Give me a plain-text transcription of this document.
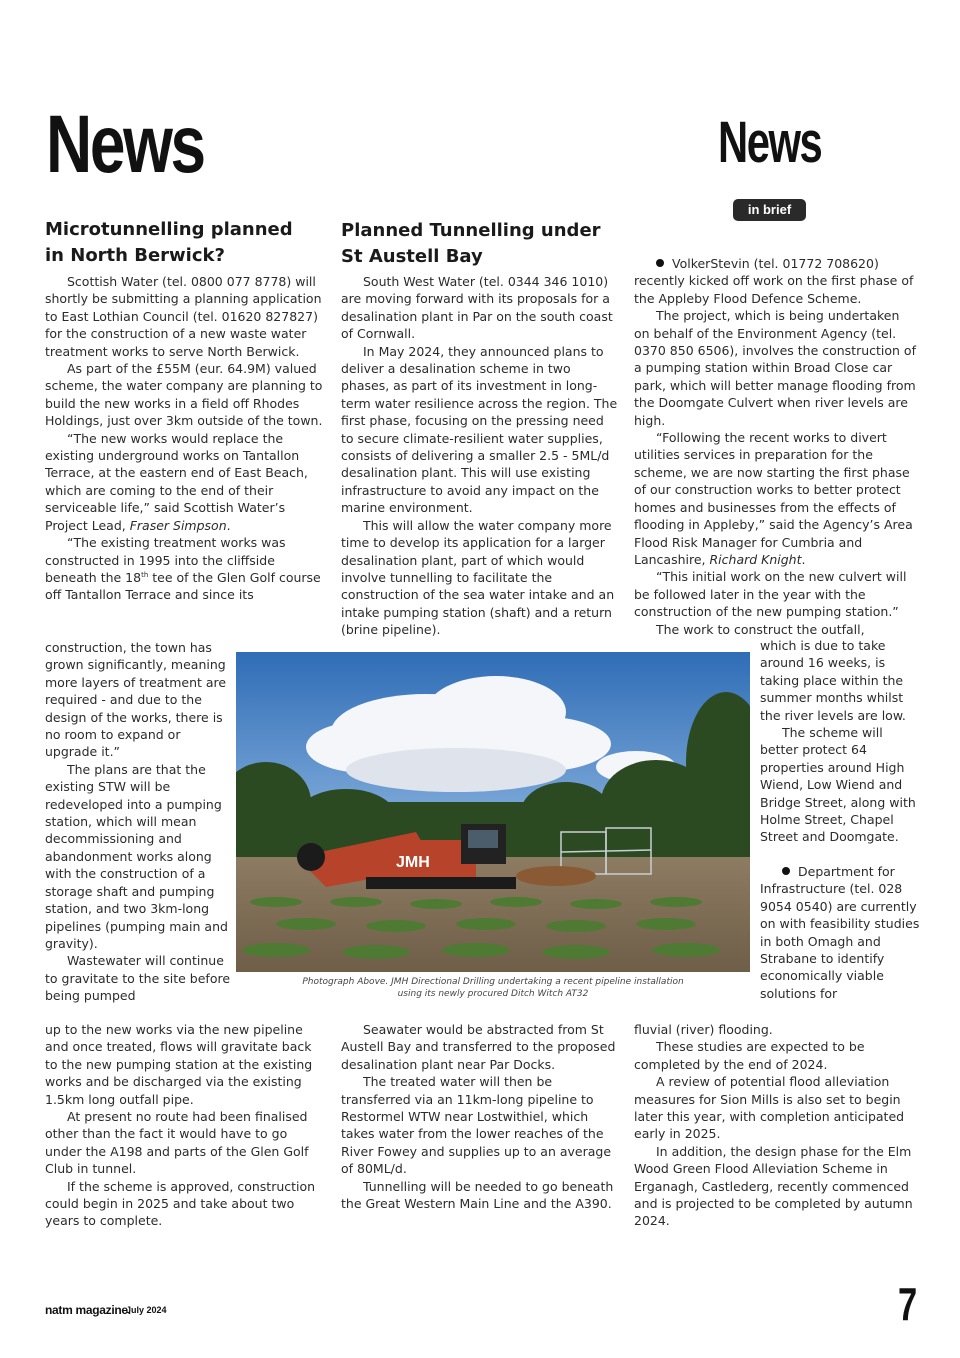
News	News
in brief
Microtunnelling planned
in North Berwick?
Planned Tunnelling under
St Austell Bay

Scottish Water (tel. 0800 077 8778) will shortly be submitting a planning application to East Lothian Council (tel. 01620 827827) for the construction of a new waste water treatment works to serve North Berwick.

As part of the £55M (eur. 64.9M) valued scheme, the water company are planning to build the new works in a field off Rhodes Holdings, just over 3km outside of the town.

“The new works would replace the existing underground works on Tantallon Terrace, at the eastern end of East Beach, which are coming to the end of their serviceable life,” said Scottish Water’s Project Lead, Fraser Simpson.

“The existing treatment works was constructed in 1995 into the cliffside beneath the 18th tee of the Glen Golf course off Tantallon Terrace and since its

construction, the town has grown significantly, meaning more layers of treatment are required - and due to the design of the works, there is no room to expand or upgrade it.”

The plans are that the existing STW will be redeveloped into a pumping station, which will mean decommissioning and abandonment works along with the construction of a storage shaft and pumping station, and two 3km-long pipelines (pumping main and gravity).

Wastewater will continue to gravitate to the site before being pumped

up to the new works via the new pipeline and once treated, flows will gravitate back to the new pumping station at the existing works and be discharged via the existing 1.5km long outfall pipe.

At present no route had been finalised other than the fact it would have to go under the A198 and parts of the Glen Golf Club in tunnel.

If the scheme is approved, construction could begin in 2025 and take about two years to complete.

South West Water (tel. 0344 346 1010) are moving forward with its proposals for a desalination plant in Par on the south coast of Cornwall.

In May 2024, they announced plans to deliver a desalination scheme in two phases, as part of its investment in long-term water resilience across the region. The first phase, focusing on the pressing need to secure climate-resilient water supplies, consists of delivering a smaller 2.5 - 5ML/d desalination plant. This will use existing infrastructure to avoid any impact on the marine environment.

This will allow the water company more time to develop its application for a larger desalination plant, part of which would involve tunnelling to facilitate the construction of the sea water intake and an intake pumping station (shaft) and a return (brine pipeline).

Seawater would be abstracted from St Austell Bay and transferred to the proposed desalination plant near Par Docks.

The treated water will then be transferred via an 11km-long pipeline to Restormel WTW near Lostwithiel, which takes water from the lower reaches of the River Fowey and supplies up to an average of 80ML/d.

Tunnelling will be needed to go beneath the Great Western Main Line and the A390.

VolkerStevin (tel. 01772 708620) recently kicked off work on the first phase of the Appleby Flood Defence Scheme.

The project, which is being undertaken on behalf of the Environment Agency (tel. 0370 850 6506), involves the construction of a pumping station within Broad Close car park, which will better manage flooding from the Doomgate Culvert when river levels are high.

“Following the recent works to divert utilities services in preparation for the scheme, we are now starting the first phase of our construction works to better protect homes and businesses from the effects of flooding in Appleby,” said the Agency’s Area Flood Risk Manager for Cumbria and Lancashire, Richard Knight.

“This initial work on the new culvert will be followed later in the year with the construction of the new pumping station.”

The work to construct the outfall,

which is due to take around 16 weeks, is taking place within the summer months whilst the river levels are low.

The scheme will better protect 64 properties around High Wiend, Low Wiend and Bridge Street, along with Holme Street, Chapel Street and Doomgate.

Department for Infrastructure (tel. 028 9054 0540) are currently on with feasibility studies in both Omagh and Strabane to identify economically viable solutions for

fluvial (river) flooding.

These studies are expected to be completed by the end of 2024.

A review of potential flood alleviation measures for Sion Mills is also set to begin later this year, with completion anticipated early in 2025.

In addition, the design phase for the Elm Wood Green Flood Alleviation Scheme in Erganagh, Castlederg, recently commenced and is projected to be completed by autumn 2024.

JMH
Photograph Above. JMH Directional Drilling undertaking a recent pipeline installation
using its newly procured Ditch Witch AT32
natm magazine.
July 2024	7
